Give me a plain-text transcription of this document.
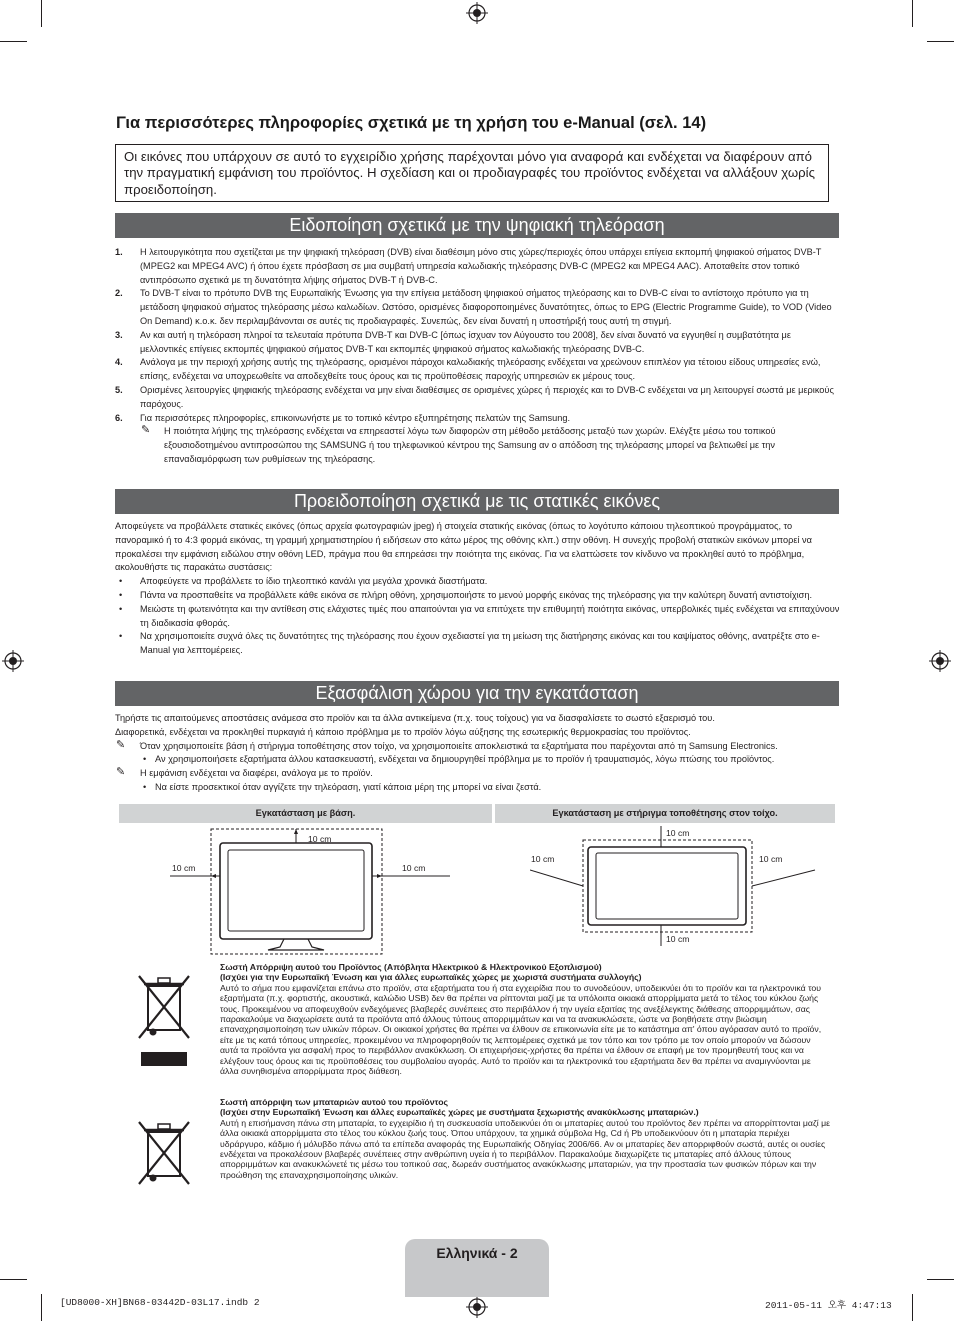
Για περισσότερες πληροφορίες σχετικά με τη χρήση του e-Manual (σελ. 14)
Οι εικόνες που υπάρχουν σε αυτό το εγχειρίδιο χρήσης παρέχονται μόνο για αναφορά και ενδέχεται να διαφέρουν από την πραγματική εμφάνιση του προϊόντος. Η σχεδίαση και οι προδιαγραφές του προϊόντος ενδέχεται να αλλάξουν χωρίς προειδοποίηση.
Ειδοποίηση σχετικά με την ψηφιακή τηλεόραση
1. Η λειτουργικότητα που σχετίζεται με την ψηφιακή τηλεόραση (DVB) είναι διαθέσιμη μόνο στις χώρες/περιοχές όπου υπάρχει επίγεια εκπομπή ψηφιακού σήματος DVB-T (MPEG2 και MPEG4 AVC) ή όπου έχετε πρόσβαση σε μια συμβατή υπηρεσία καλωδιακής τηλεόρασης DVB-C (MPEG2 και MPEG4 AAC). Αποταθείτε στον τοπικό αντιπρόσωπο σχετικά με τη δυνατότητα λήψης σήματος DVB-T ή DVB-C.
2. Το DVB-T είναι το πρότυπο DVB της Ευρωπαϊκής Ένωσης για την επίγεια μετάδοση ψηφιακού σήματος τηλεόρασης και το DVB-C είναι το αντίστοιχο πρότυπο για τη μετάδοση ψηφιακού σήματος τηλεόρασης μέσω καλωδίων. Ωστόσο, ορισμένες διαφοροποιημένες δυνατότητες, όπως το EPG (Electric Programme Guide), το VOD (Video On Demand) κ.ο.κ. δεν περιλαμβάνονται σε αυτές τις προδιαγραφές. Συνεπώς, δεν είναι δυνατή η υποστήριξή τους αυτή τη στιγμή.
3. Αν και αυτή η τηλεόραση πληροί τα τελευταία πρότυπα DVB-T και DVB-C [όπως ίσχυαν τον Αύγουστο του 2008], δεν είναι δυνατό να εγγυηθεί η συμβατότητα με μελλοντικές επίγειες εκπομπές ψηφιακού σήματος DVB-T και εκπομπές ψηφιακού σήματος καλωδιακής τηλεόρασης DVB-C.
4. Ανάλογα με την περιοχή χρήσης αυτής της τηλεόρασης, ορισμένοι πάροχοι καλωδιακής τηλεόρασης ενδέχεται να χρεώνουν επιπλέον για τέτοιου είδους υπηρεσίες ενώ, επίσης, ενδέχεται να υποχρεωθείτε να αποδεχθείτε τους όρους και τις προϋποθέσεις παροχής υπηρεσιών εκ μέρους τους.
5. Ορισμένες λειτουργίες ψηφιακής τηλεόρασης ενδέχεται να μην είναι διαθέσιμες σε ορισμένες χώρες ή περιοχές και το DVB-C ενδέχεται να μη λειτουργεί σωστά με μερικούς παρόχους.
6. Για περισσότερες πληροφορίες, επικοινωνήστε με το τοπικό κέντρο εξυπηρέτησης πελατών της Samsung.
✎ Η ποιότητα λήψης της τηλεόρασης ενδέχεται να επηρεαστεί λόγω των διαφορών στη μέθοδο μετάδοσης μεταξύ των χωρών. Ελέγξτε μέσω του τοπικού εξουσιοδοτημένου αντιπροσώπου της SAMSUNG ή του τηλεφωνικού κέντρου της Samsung αν ο απόδοση της τηλεόρασης μπορεί να βελτιωθεί με την επαναδιαμόρφωση των ρυθμίσεων της τηλεόρασης.
Προειδοποίηση σχετικά με τις στατικές εικόνες
Αποφεύγετε να προβάλλετε στατικές εικόνες (όπως αρχεία φωτογραφιών jpeg) ή στοιχεία στατικής εικόνας (όπως το λογότυπο κάποιου τηλεοπτικού προγράμματος, το πανοραμικό ή το 4:3 φορμά εικόνας, τη γραμμή χρηματιστηρίου ή ειδήσεων στο κάτω μέρος της οθόνης κλπ.) στην οθόνη. Η συνεχής προβολή στατικών εικόνων μπορεί να προκαλέσει την εμφάνιση ειδώλου στην οθόνη LED, πράγμα που θα επηρεάσει την ποιότητα της εικόνας. Για να ελαττώσετε τον κίνδυνο να προκληθεί αυτό το πρόβλημα, ακολουθήστε τις παρακάτω συστάσεις:
• Αποφεύγετε να προβάλλετε το ίδιο τηλεοπτικό κανάλι για μεγάλα χρονικά διαστήματα.
• Πάντα να προσπαθείτε να προβάλλετε κάθε εικόνα σε πλήρη οθόνη, χρησιμοποιήστε το μενού μορφής εικόνας της τηλεόρασης για την καλύτερη δυνατή αντιστοίχιση.
• Μειώστε τη φωτεινότητα και την αντίθεση στις ελάχιστες τιμές που απαιτούνται για να επιτύχετε την επιθυμητή ποιότητα εικόνας, υπερβολικές τιμές ενδέχεται να επιταχύνουν τη διαδικασία φθοράς.
• Να χρησιμοποιείτε συχνά όλες τις δυνατότητες της τηλεόρασης που έχουν σχεδιαστεί για τη μείωση της διατήρησης εικόνας και του καψίματος οθόνης, ανατρέξτε στο e-Manual για λεπτομέρειες.
Εξασφάλιση χώρου για την εγκατάσταση
Τηρήστε τις απαιτούμενες αποστάσεις ανάμεσα στο προϊόν και τα άλλα αντικείμενα (π.χ. τους τοίχους) για να διασφαλίσετε το σωστό εξαερισμό του.
Διαφορετικά, ενδέχεται να προκληθεί πυρκαγιά ή κάποιο πρόβλημα με το προϊόν λόγω αύξησης της εσωτερικής θερμοκρασίας του προϊόντος.
✎ Όταν χρησιμοποιείτε βάση ή στήριγμα τοποθέτησης στον τοίχο, να χρησιμοποιείτε αποκλειστικά τα εξαρτήματα που παρέχονται από τη Samsung Electronics.
• Αν χρησιμοποιήσετε εξαρτήματα άλλου κατασκευαστή, ενδέχεται να δημιουργηθεί πρόβλημα με το προϊόν ή τραυματισμός, λόγω πτώσης του προϊόντος.
✎ Η εμφάνιση ενδέχεται να διαφέρει, ανάλογα με το προϊόν.
• Να είστε προσεκτικοί όταν αγγίζετε την τηλεόραση, γιατί κάποια μέρη της μπορεί να είναι ζεστά.
Εγκατάσταση με βάση.	Εγκατάσταση με στήριγμα τοποθέτησης στον τοίχο.
10 cm
10 cm	10 cm
10 cm
10 cm	10 cm
10 cm
Σωστή Απόρριψη αυτού του Προϊόντος (Απόβλητα Ηλεκτρικού & Ηλεκτρονικού Εξοπλισμού)
(Ισχύει για την Ευρωπαϊκή Ένωση και για άλλες ευρωπαϊκές χώρες με χωριστά συστήματα συλλογής)
Αυτό το σήμα που εμφανίζεται επάνω στο προϊόν, στα εξαρτήματα του ή στα εγχειρίδια που το συνοδεύουν, υποδεικνύει ότι το προϊόν και τα ηλεκτρονικά του εξαρτήματα (π.χ. φορτιστής, ακουστικά, καλώδιο USB) δεν θα πρέπει να ρίπτονται μαζί με τα υπόλοιπα οικιακά απορρίμματα μετά το τέλος του κύκλου ζωής τους. Προκειμένου να αποφευχθούν ενδεχόμενες βλαβερές συνέπειες στο περιβάλλον ή την υγεία εξαιτίας της ανεξέλεγκτης διάθεσης απορριμμάτων, σας παρακαλούμε να διαχωρίσετε αυτά τα προϊόντα από άλλους τύπους απορριμμάτων και να τα ανακυκλώσετε, ώστε να βοηθήσετε στην βιώσιμη επαναχρησιμοποίηση των υλικών πόρων. Οι οικιακοί χρήστες θα πρέπει να έλθουν σε επικοινωνία είτε με το κατάστημα απ' όπου αγόρασαν αυτό το προϊόν, είτε με τις κατά τόπους υπηρεσίες, προκειμένου να πληροφορηθούν τις λεπτομέρειες σχετικά με τον τόπο και τον τρόπο με τον οποίο μπορούν να δώσουν αυτά τα προϊόντα για ασφαλή προς το περιβάλλον ανακύκλωση. Οι επιχειρήσεις-χρήστες θα πρέπει να έλθουν σε επαφή με τον προμηθευτή τους και να ελέγξουν τους όρους και τις προϋποθέσεις του συμβολαίου αγοράς. Αυτό το προϊόν και τα ηλεκτρονικά του εξαρτήματα δεν θα πρέπει να αναμιγνύονται με άλλα συνηθισμένα απορρίμματα προς διάθεση.
Σωστή απόρριψη των μπαταριών αυτού του προϊόντος
(Ισχύει στην Ευρωπαϊκή Ένωση και άλλες ευρωπαϊκές χώρες με συστήματα ξεχωριστής ανακύκλωσης μπαταριών.)
Αυτή η επισήμανση πάνω στη μπαταρία, το εγχειρίδιο ή τη συσκευασία υποδεικνύει ότι οι μπαταρίες αυτού του προϊόντος δεν πρέπει να απορρίπτονται μαζί με άλλα οικιακά απορρίμματα στο τέλος του κύκλου ζωής τους. Όπου υπάρχουν, τα χημικά σύμβολα Hg, Cd ή Pb υποδεικνύουν ότι η μπαταρία περιέχει υδράργυρο, κάδμιο ή μόλυβδο πάνω από τα επίπεδα αναφοράς της Ευρωπαϊκής Οδηγίας 2006/66. Αν οι μπαταρίες δεν απορριφθούν σωστά, αυτές οι ουσίες ενδέχεται να προκαλέσουν βλαβερές συνέπειες στην ανθρώπινη υγεία ή το περιβάλλον. Παρακαλούμε διαχωρίζετε τις μπαταρίες από άλλους τύπους απορριμμάτων και ανακυκλώνετέ τις μέσω του τοπικού σας, δωρεάν συστήματος ανακύκλωσης μπαταριών, για την προστασία των φυσικών πόρων και την προώθηση της επαναχρησιμοποίησης υλικών.
Ελληνικά - 2
[UD8000-XH]BN68-03442D-03L17.indb 2	2011-05-11 오후 4:47:13
